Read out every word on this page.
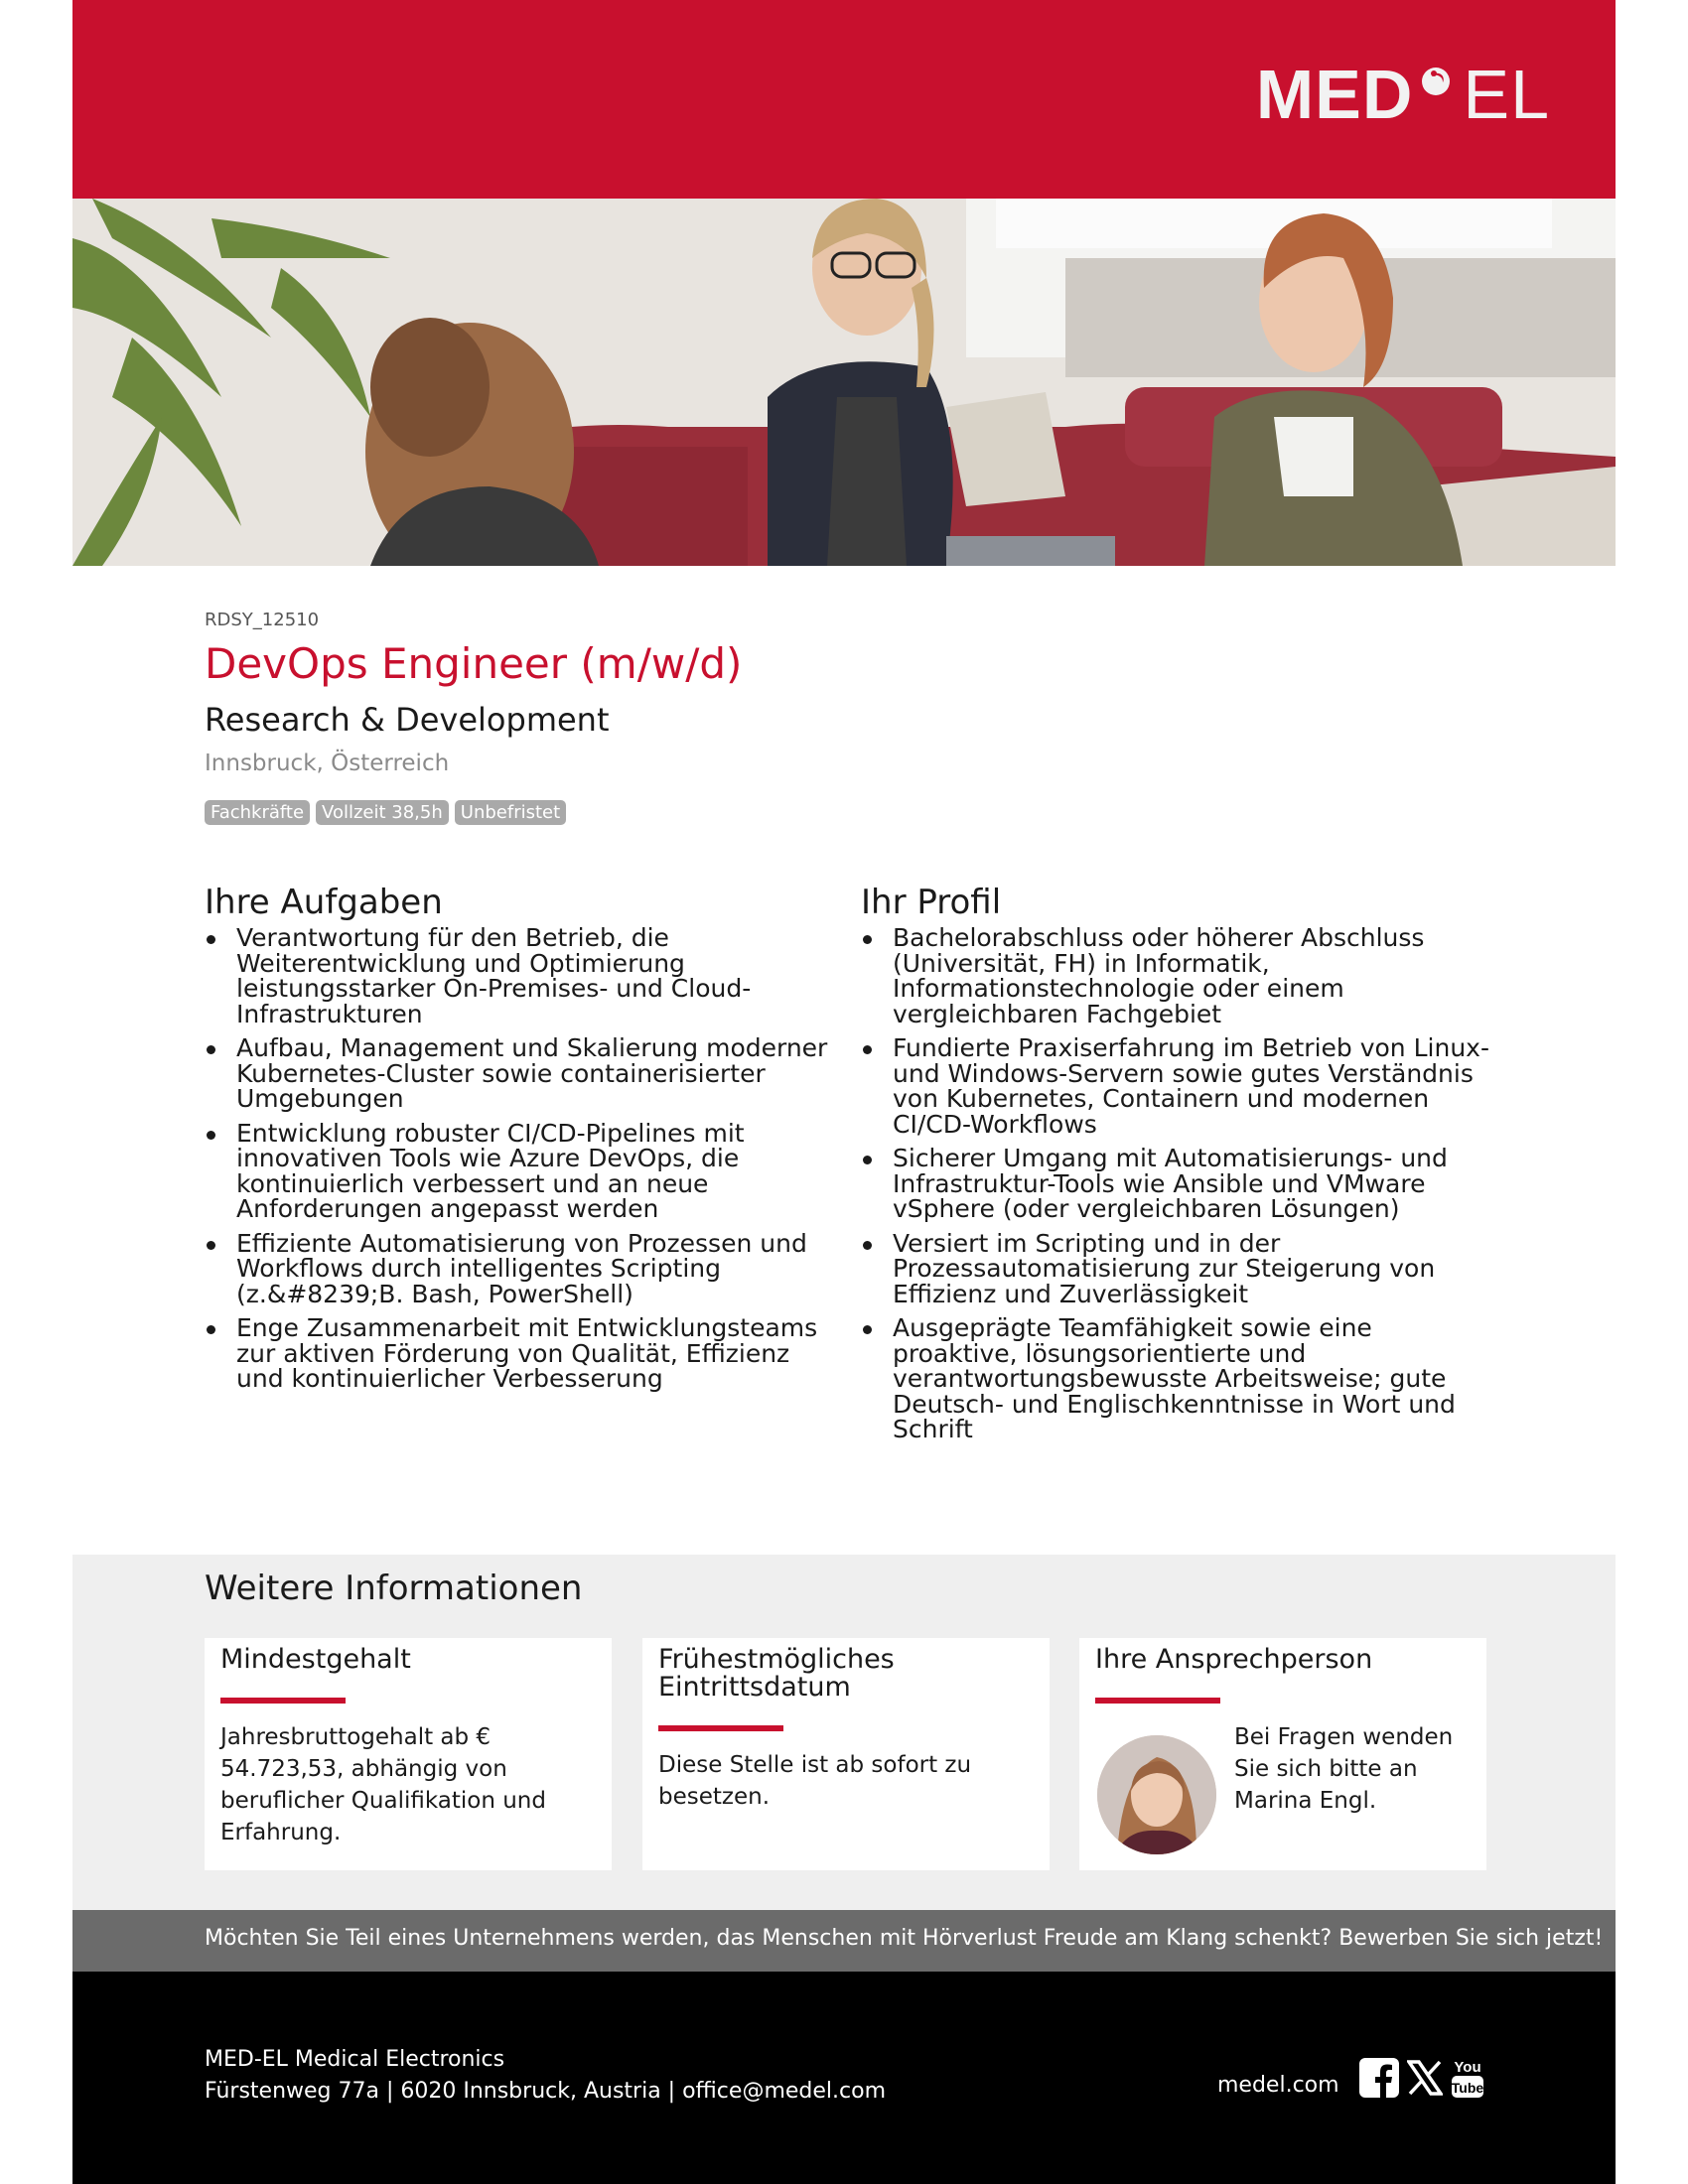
MED EL
RDSY_12510
DevOps Engineer (m/w/d)
Research & Development
Innsbruck, Österreich
Fachkräfte	Vollzeit 38,5h	Unbefristet
Ihre Aufgaben
Verantwortung für den Betrieb, die Weiterentwicklung und Optimierung leistungsstarker On-Premises- und Cloud-Infrastrukturen
Aufbau, Management und Skalierung moderner Kubernetes-Cluster sowie containerisierter Umgebungen
Entwicklung robuster CI/CD-Pipelines mit innovativen Tools wie Azure DevOps, die kontinuierlich verbessert und an neue Anforderungen angepasst werden
Effiziente Automatisierung von Prozessen und Workflows durch intelligentes Scripting (z.&#8239;B. Bash, PowerShell)
Enge Zusammenarbeit mit Entwicklungsteams zur aktiven Förderung von Qualität, Effizienz und kontinuierlicher Verbesserung
Ihr Profil
Bachelorabschluss oder höherer Abschluss (Universität, FH) in Informatik, Informationstechnologie oder einem vergleichbaren Fachgebiet
Fundierte Praxiserfahrung im Betrieb von Linux- und Windows-Servern sowie gutes Verständnis von Kubernetes, Containern und modernen CI/CD-Workflows
Sicherer Umgang mit Automatisierungs- und Infrastruktur-Tools wie Ansible und VMware vSphere (oder vergleichbaren Lösungen)
Versiert im Scripting und in der Prozessautomatisierung zur Steigerung von Effizienz und Zuverlässigkeit
Ausgeprägte Teamfähigkeit sowie eine proaktive, lösungsorientierte und verantwortungsbewusste Arbeitsweise; gute Deutsch- und Englischkenntnisse in Wort und Schrift
Weitere Informationen
Mindestgehalt
Jahresbruttogehalt ab € 54.723,53, abhängig von beruflicher Qualifikation und Erfahrung.
Frühestmögliches Eintrittsdatum
Diese Stelle ist ab sofort zu besetzen.
Ihre Ansprechperson
Bei Fragen wenden Sie sich bitte an Marina Engl.
Möchten Sie Teil eines Unternehmens werden, das Menschen mit Hörverlust Freude am Klang schenkt? Bewerben Sie sich jetzt!
MED-EL Medical Electronics
Fürstenweg 77a | 6020 Innsbruck, Austria | office@medel.com	medel.com
You
Tube
